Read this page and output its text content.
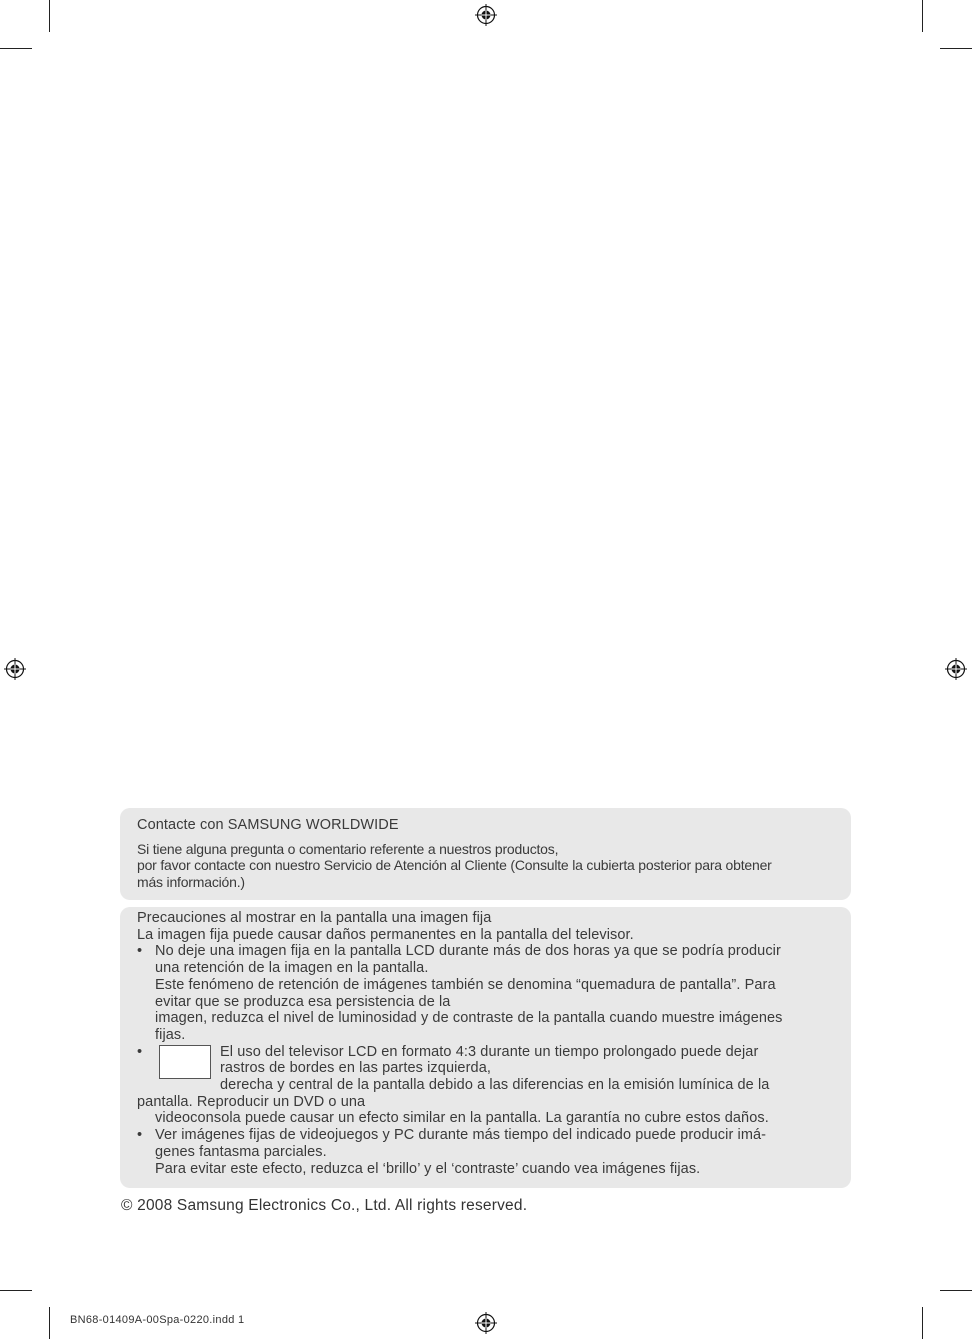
Contacte con SAMSUNG WORLDWIDE
Si tiene alguna pregunta o comentario referente a nuestros productos,
por favor contacte con nuestro Servicio de Atención al Cliente (Consulte la cubierta posterior para obtener
más información.)
Precauciones al mostrar en la pantalla una imagen fija
La imagen fija puede causar daños permanentes en la pantalla del televisor.
• No deje una imagen fija en la pantalla LCD durante más de dos horas ya que se podría producir
una retención de la imagen en la pantalla.
Este fenómeno de retención de imágenes también se denomina “quemadura de pantalla”. Para
evitar que se produzca esa persistencia de la
imagen, reduzca el nivel de luminosidad y de contraste de la pantalla cuando muestre imágenes
fijas.
•	El uso del televisor LCD en formato 4:3 durante un tiempo prolongado puede dejar
rastros de bordes en las partes izquierda,
derecha y central de la pantalla debido a las diferencias en la emisión lumínica de la
pantalla. Reproducir un DVD o una
videoconsola puede causar un efecto similar en la pantalla. La garantía no cubre estos daños.
• Ver imágenes fijas de videojuegos y PC durante más tiempo del indicado puede producir imá-
genes fantasma parciales.
Para evitar este efecto, reduzca el ‘brillo’ y el ‘contraste’ cuando vea imágenes fijas.
© 2008 Samsung Electronics Co., Ltd. All rights reserved.
BN68-01409A-00Spa-0220.indd 1
